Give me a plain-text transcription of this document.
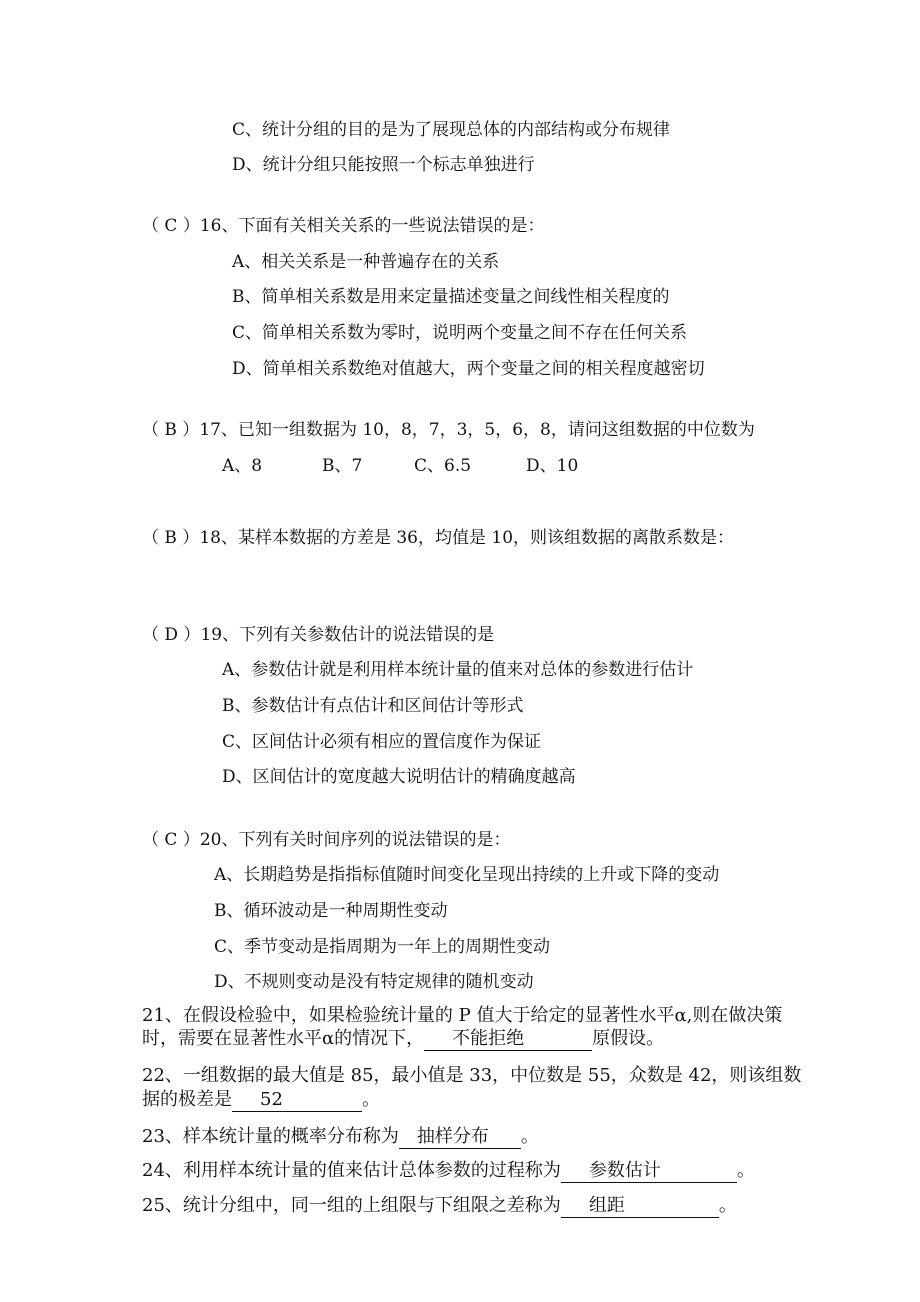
C、统计分组的目的是为了展现总体的内部结构或分布规律
D、统计分组只能按照一个标志单独进行
（ C ）16、下面有关相关关系的一些说法错误的是：
A、相关关系是一种普遍存在的关系
B、简单相关系数是用来定量描述变量之间线性相关程度的
C、简单相关系数为零时，说明两个变量之间不存在任何关系
D、简单相关系数绝对值越大，两个变量之间的相关程度越密切
（ B ）17、已知一组数据为 10，8，7，3，5，6，8，请问这组数据的中位数为
A、8	B、7	C、6.5	D、10
（ B ）18、某样本数据的方差是 36，均值是 10，则该组数据的离散系数是：
（ D ）19、下列有关参数估计的说法错误的是
A、参数估计就是利用样本统计量的值来对总体的参数进行估计
B、参数估计有点估计和区间估计等形式
C、区间估计必须有相应的置信度作为保证
D、区间估计的宽度越大说明估计的精确度越高
（ C ）20、下列有关时间序列的说法错误的是：
A、长期趋势是指指标值随时间变化呈现出持续的上升或下降的变动
B、循环波动是一种周期性变动
C、季节变动是指周期为一年上的周期性变动
D、不规则变动是没有特定规律的随机变动
21、在假设检验中，如果检验统计量的 P 值大于给定的显著性水平α,则在做决策
时，需要在显著性水平α的情况下， 不能拒绝	原假设。
22、一组数据的最大值是 85，最小值是 33，中位数是 55，众数是 42，则该组数
据的极差是 52	。
23、样本统计量的概率分布称为 抽样分布 。
24、利用样本统计量的值来估计总体参数的过程称为 参数估计	。
25、统计分组中，同一组的上组限与下组限之差称为 组距	。
